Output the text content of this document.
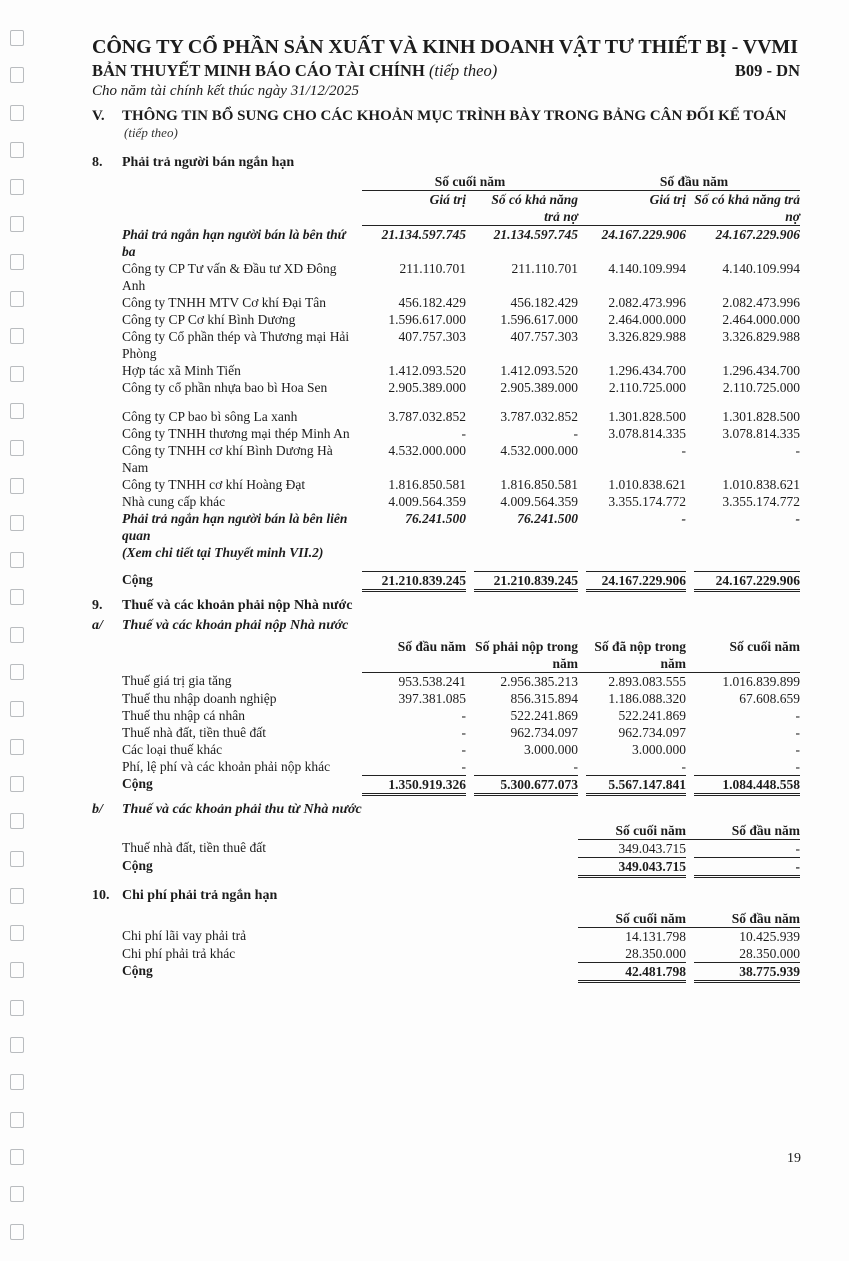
CÔNG TY CỔ PHẦN SẢN XUẤT VÀ KINH DOANH VẬT TƯ THIẾT BỊ - VVMI
BẢN THUYẾT MINH BÁO CÁO TÀI CHÍNH (tiếp theo)	B09 - DN
Cho năm tài chính kết thúc ngày 31/12/2025
V.	THÔNG TIN BỔ SUNG CHO CÁC KHOẢN MỤC TRÌNH BÀY TRONG BẢNG CÂN ĐỐI KẾ TOÁN
(tiếp theo)
8.	Phải trả người bán ngắn hạn
	Số cuối năm		Số đầu năm	
	Giá trị	Số có khả năng trả nợ	Giá trị	Số có khả năng trả nợ
Phải trả ngắn hạn người bán là bên thứ ba	21.134.597.745	21.134.597.745	24.167.229.906	24.167.229.906
Công ty CP Tư vấn & Đầu tư XD Đông Anh	211.110.701	211.110.701	4.140.109.994	4.140.109.994
Công ty TNHH MTV Cơ khí Đại Tân	456.182.429	456.182.429	2.082.473.996	2.082.473.996
Công ty CP Cơ khí Bình Dương	1.596.617.000	1.596.617.000	2.464.000.000	2.464.000.000
Công ty Cổ phần thép và Thương mại Hải Phòng	407.757.303	407.757.303	3.326.829.988	3.326.829.988
Hợp tác xã Minh Tiến	1.412.093.520	1.412.093.520	1.296.434.700	1.296.434.700
Công ty cổ phần nhựa bao bì Hoa Sen	2.905.389.000	2.905.389.000	2.110.725.000	2.110.725.000
Công ty CP bao bì sông La xanh	3.787.032.852	3.787.032.852	1.301.828.500	1.301.828.500
Công ty TNHH thương mại thép Minh An	-	-	3.078.814.335	3.078.814.335
Công ty TNHH cơ khí Bình Dương Hà Nam	4.532.000.000	4.532.000.000	-	-
Công ty TNHH cơ khí Hoàng Đạt	1.816.850.581	1.816.850.581	1.010.838.621	1.010.838.621
Nhà cung cấp khác	4.009.564.359	4.009.564.359	3.355.174.772	3.355.174.772
Phải trả ngắn hạn người bán là bên liên quan	76.241.500	76.241.500	-	-
(Xem chi tiết tại Thuyết minh VII.2)				

Cộng	21.210.839.245	21.210.839.245	24.167.229.906	24.167.229.906
9.	Thuế và các khoản phải nộp Nhà nước
a/	Thuế và các khoản phải nộp Nhà nước
	Số đầu năm	Số phải nộp trong năm	Số đã nộp trong năm	Số cuối năm
Thuế giá trị gia tăng	953.538.241	2.956.385.213	2.893.083.555	1.016.839.899
Thuế thu nhập doanh nghiệp	397.381.085	856.315.894	1.186.088.320	67.608.659
Thuế thu nhập cá nhân	-	522.241.869	522.241.869	-
Thuế nhà đất, tiền thuê đất	-	962.734.097	962.734.097	-
Các loại thuế khác	-	3.000.000	3.000.000	-
Phí, lệ phí và các khoản phải nộp khác	-	-	-	-
Cộng	1.350.919.326	5.300.677.073	5.567.147.841	1.084.448.558
b/	Thuế và các khoản phải thu từ Nhà nước
	Số cuối năm	Số đầu năm
Thuế nhà đất, tiền thuê đất	349.043.715	-
Cộng	349.043.715	-
10. Chi phí phải trả ngắn hạn
	Số cuối năm	Số đầu năm
Chi phí lãi vay phải trả	14.131.798	10.425.939
Chi phí phải trả khác	28.350.000	28.350.000
Cộng	42.481.798	38.775.939
19
